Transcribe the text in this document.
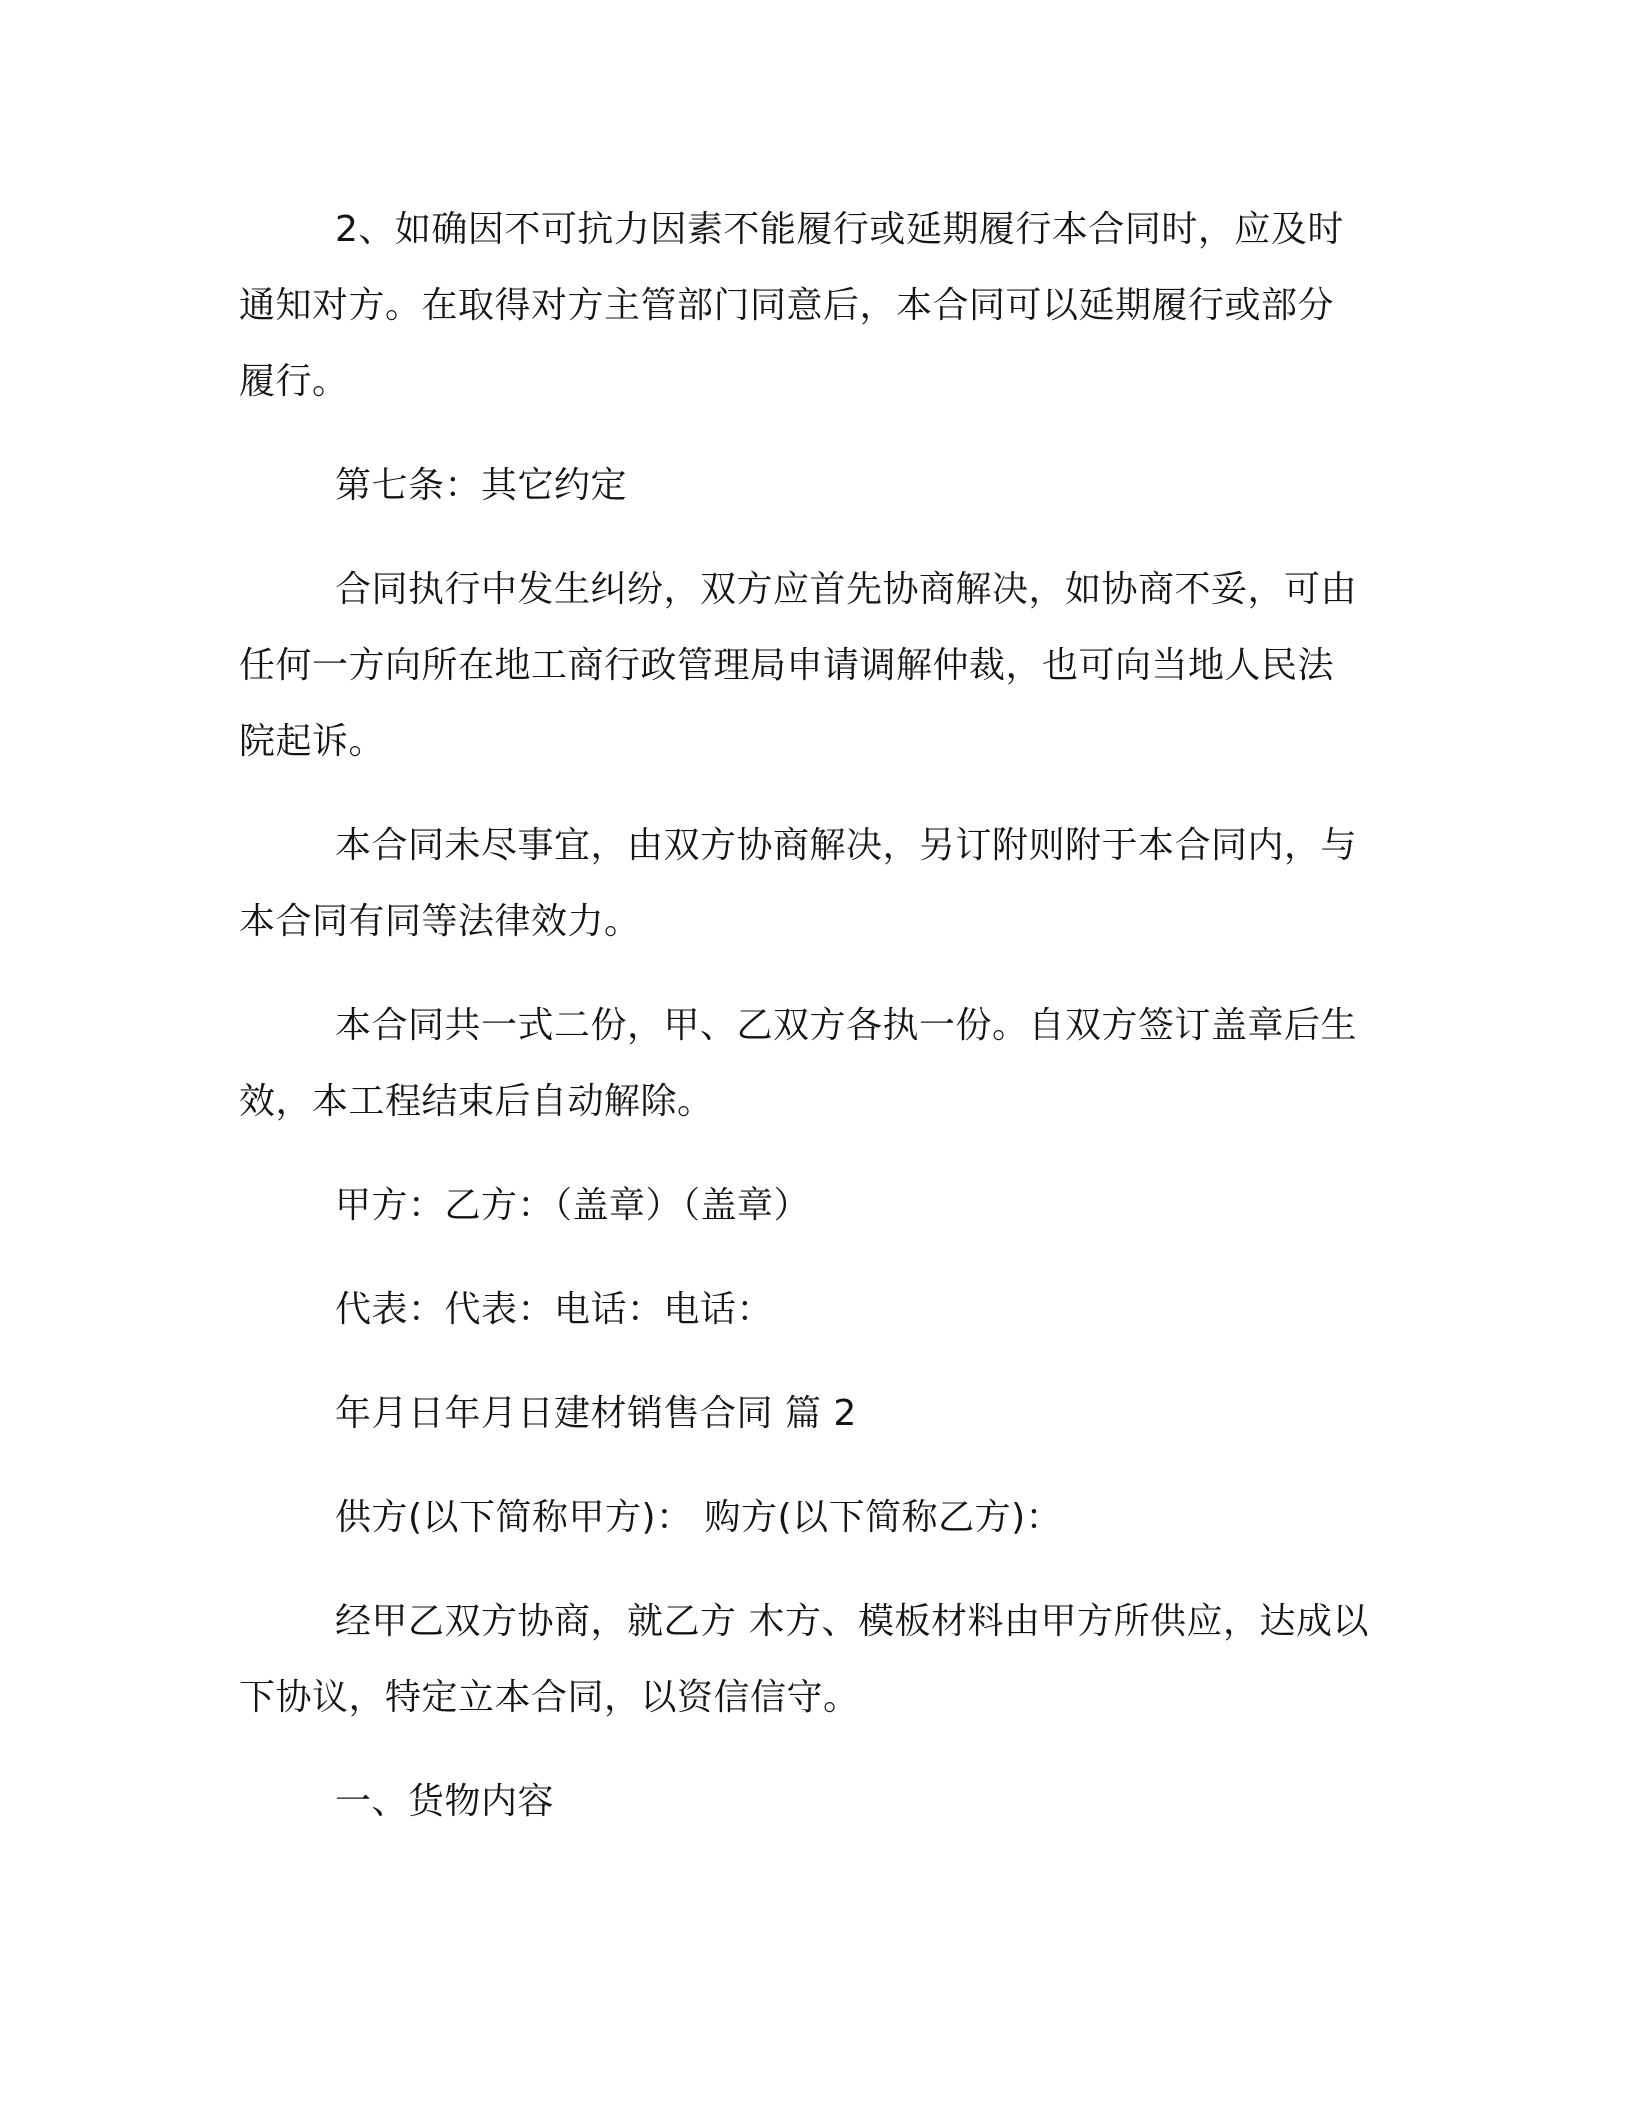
2、如确因不可抗力因素不能履行或延期履行本合同时，应及时
通知对方。在取得对方主管部门同意后，本合同可以延期履行或部分
履行。
第七条：其它约定
合同执行中发生纠纷，双方应首先协商解决，如协商不妥，可由
任何一方向所在地工商行政管理局申请调解仲裁，也可向当地人民法
院起诉。
本合同未尽事宜，由双方协商解决，另订附则附于本合同内，与
本合同有同等法律效力。
本合同共一式二份，甲、乙双方各执一份。自双方签订盖章后生
效，本工程结束后自动解除。
甲方：乙方：（盖章）（盖章）
代表：代表：电话：电话：
年月日年月日建材销售合同 篇 2
供方(以下简称甲方)： 购方(以下简称乙方)：
经甲乙双方协商，就乙方 木方、模板材料由甲方所供应，达成以
下协议，特定立本合同，以资信信守。
一、货物内容
